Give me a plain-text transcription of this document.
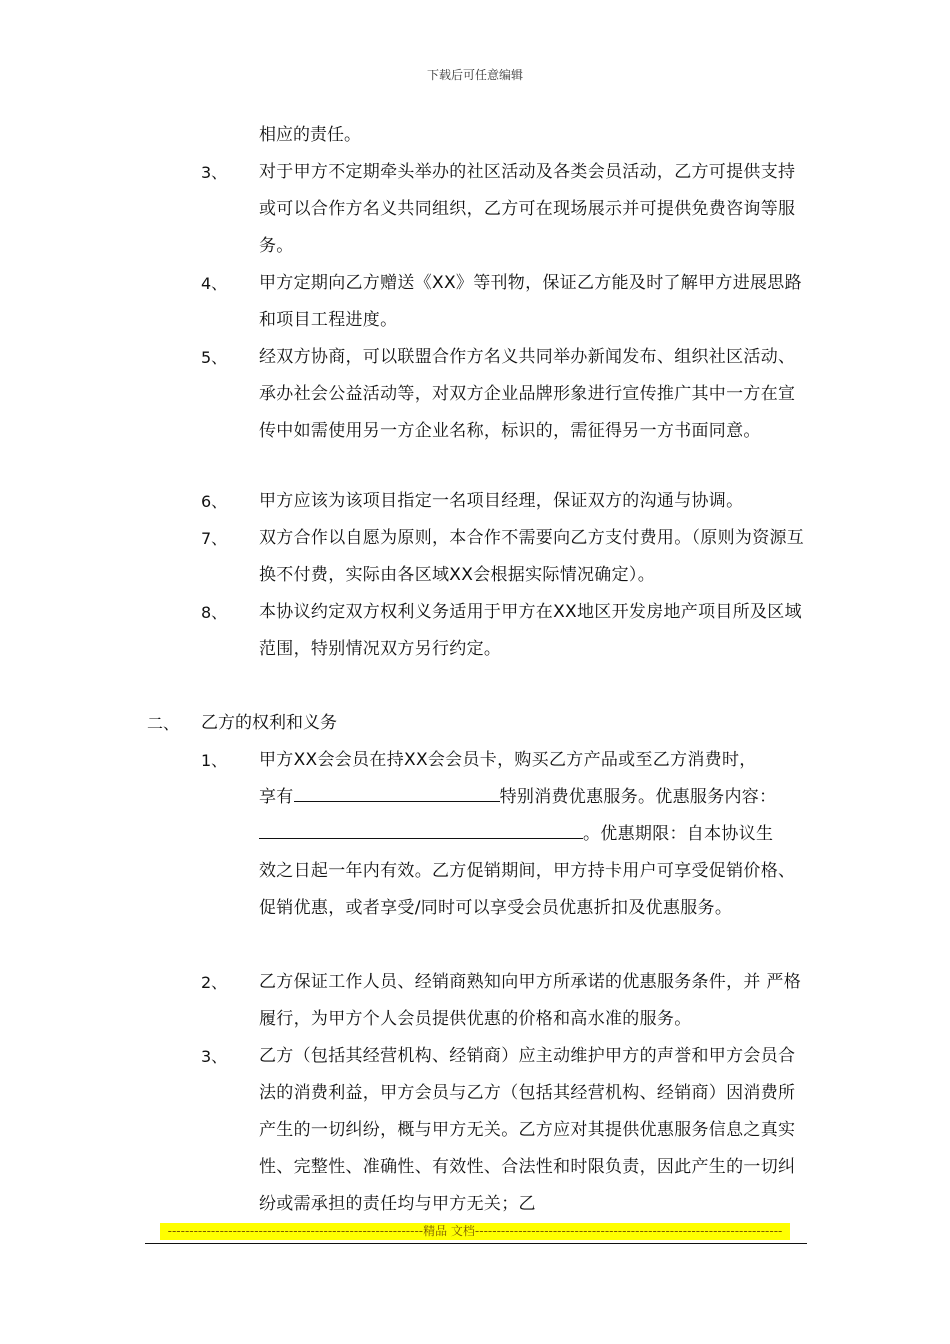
下载后可任意编辑
相应的责任。
3、 对于甲方不定期牵头举办的社区活动及各类会员活动，乙方可提供支持或可以合作方名义共同组织，乙方可在现场展示并可提供免费咨询等服务。
4、 甲方定期向乙方赠送《XX》等刊物，保证乙方能及时了解甲方进展思路和项目工程进度。
5、 经双方协商，可以联盟合作方名义共同举办新闻发布、组织社区活动、承办社会公益活动等，对双方企业品牌形象进行宣传推广其中一方在宣传中如需使用另一方企业名称，标识的，需征得另一方书面同意。
6、 甲方应该为该项目指定一名项目经理，保证双方的沟通与协调。
7、 双方合作以自愿为原则，本合作不需要向乙方支付费用。（原则为资源互换不付费，实际由各区域XX会根据实际情况确定）。
8、 本协议约定双方权利义务适用于甲方在XX地区开发房地产项目所及区域范围，特别情况双方另行约定。
二、 乙方的权利和义务
1、 甲方XX会会员在持XX会会员卡，购买乙方产品或至乙方消费时，
享有	特别消费优惠服务。优惠服务内容：
。优惠期限：自本协议生
效之日起一年内有效。乙方促销期间，甲方持卡用户可享受促销价格、促销优惠，或者享受/同时可以享受会员优惠折扣及优惠服务。
2、 乙方保证工作人员、经销商熟知向甲方所承诺的优惠服务条件，并 严格履行，为甲方个人会员提供优惠的价格和高水准的服务。
3、 乙方（包括其经营机构、经销商）应主动维护甲方的声誉和甲方会员合法的消费利益，甲方会员与乙方（包括其经营机构、经销商）因消费所产生的一切纠纷，概与甲方无关。乙方应对其提供优惠服务信息之真实性、完整性、准确性、有效性、合法性和时限负责，因此产生的一切纠纷或需承担的责任均与甲方无关；乙
-----------------------------------------------------------精品 文档-----------------------------------------------------------------------
